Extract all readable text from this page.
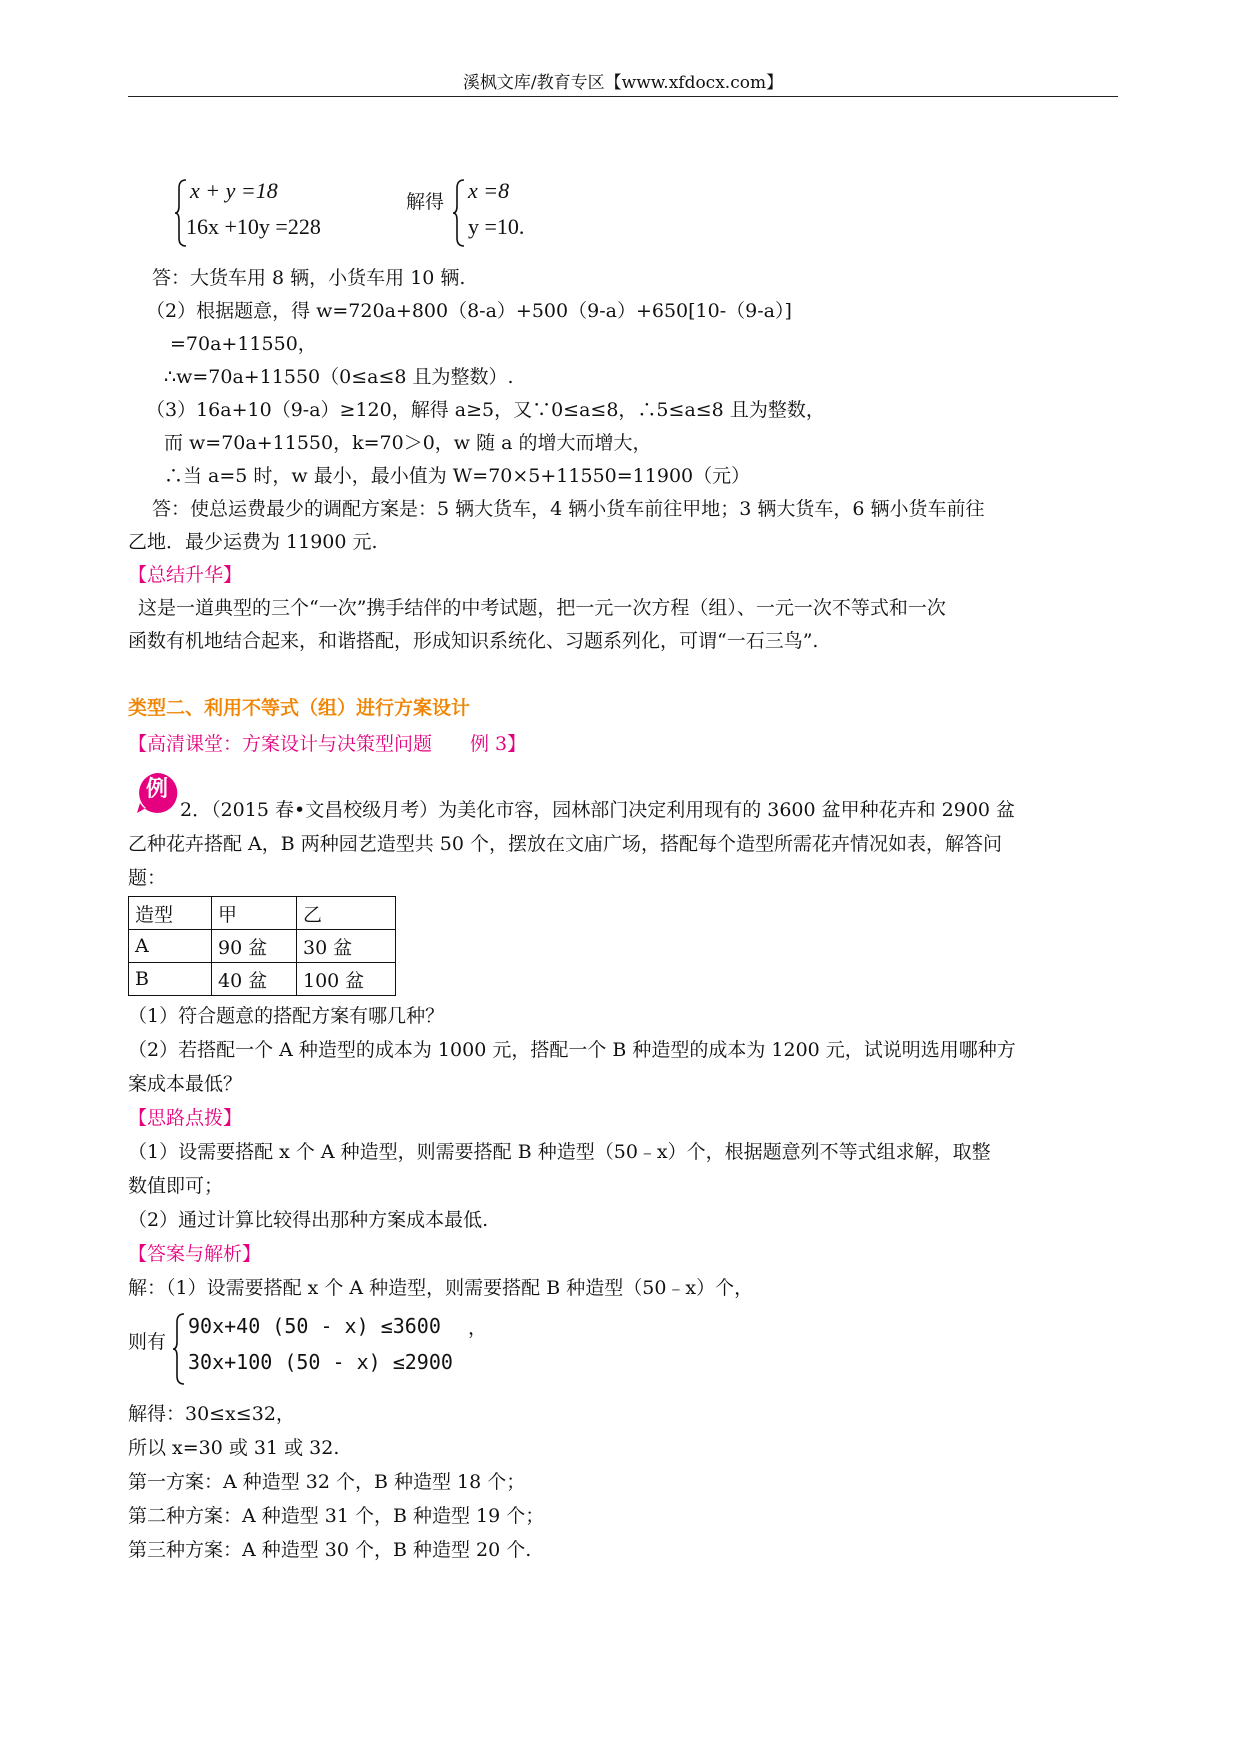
溪枫文库/教育专区【www.xfdocx.com】
x + y =18
16x +10y =228
解得 x =8
y =10.
答：大货车用 8 辆，小货车用 10 辆.
（2）根据题意，得 w=720a+800（8-a）+500（9-a）+650[10-（9-a）]
=70a+11550，
∴w=70a+11550（0≤a≤8 且为整数）.
（3）16a+10（9-a）≥120，解得 a≥5，又∵0≤a≤8，∴5≤a≤8 且为整数，
而 w=70a+11550，k=70＞0，w 随 a 的增大而增大，
∴当 a=5 时，w 最小，最小值为 W=70×5+11550=11900（元）
答：使总运费最少的调配方案是：5 辆大货车，4 辆小货车前往甲地；3 辆大货车，6 辆小货车前往
乙地．最少运费为 11900 元.
【总结升华】
这是一道典型的三个“一次”携手结伴的中考试题，把一元一次方程（组）、一元一次不等式和一次
函数有机地结合起来，和谐搭配，形成知识系统化、习题系列化，可谓“一石三鸟”.
类型二、利用不等式（组）进行方案设计
【高清课堂：方案设计与决策型问题　　例 3】
例
2．（2015 春•文昌校级月考）为美化市容，园林部门决定利用现有的 3600 盆甲种花卉和 2900 盆
乙种花卉搭配 A，B 两种园艺造型共 50 个，摆放在文庙广场，搭配每个造型所需花卉情况如表，解答问
题：
造型	甲	乙
A	90 盆	30 盆
B	40 盆	100 盆
（1）符合题意的搭配方案有哪几种？
（2）若搭配一个 A 种造型的成本为 1000 元，搭配一个 B 种造型的成本为 1200 元，试说明选用哪种方
案成本最低？
【思路点拨】
（1）设需要搭配 x 个 A 种造型，则需要搭配 B 种造型（50﹣x）个，根据题意列不等式组求解，取整
数值即可；
（2）通过计算比较得出那种方案成本最低.
【答案与解析】
解：（1）设需要搭配 x 个 A 种造型，则需要搭配 B 种造型（50﹣x）个，
则有
90x+40 (50 - x) ≤3600 ，
30x+100 (50 - x) ≤2900
解得：30≤x≤32，
所以 x=30 或 31 或 32.
第一方案：A 种造型 32 个，B 种造型 18 个；
第二种方案：A 种造型 31 个，B 种造型 19 个；
第三种方案：A 种造型 30 个，B 种造型 20 个.
